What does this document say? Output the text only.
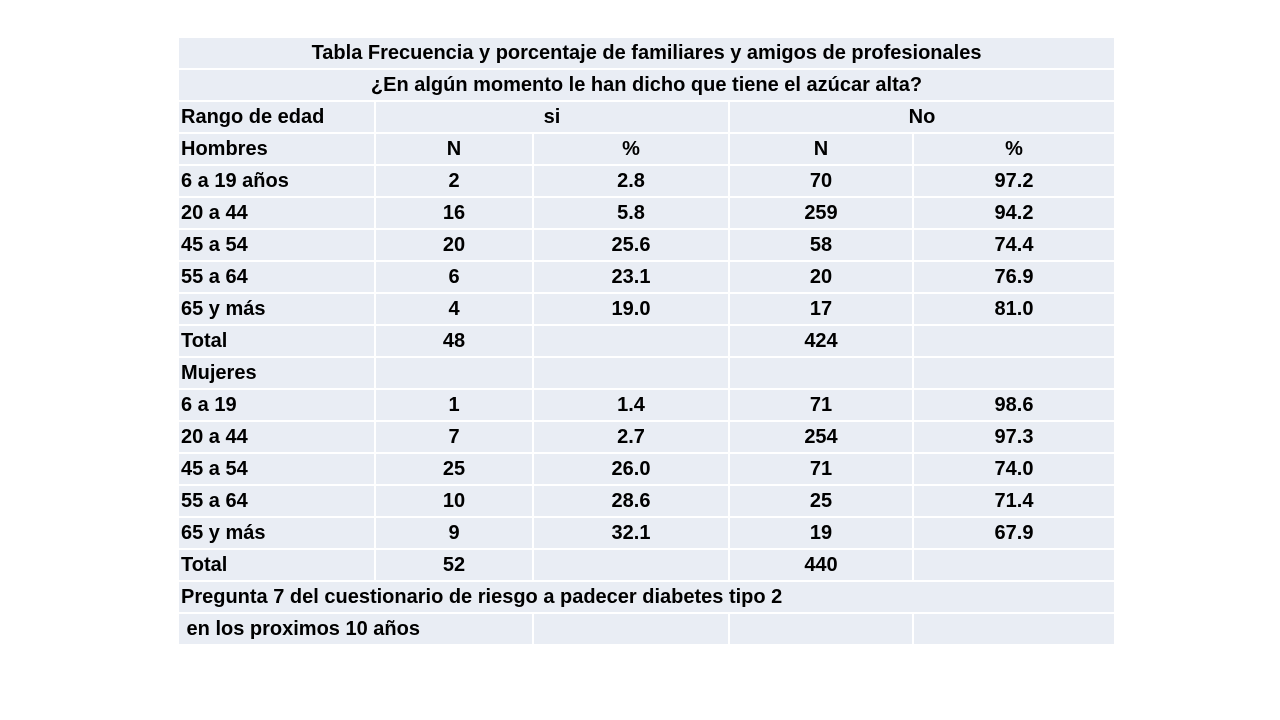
Tabla Frecuencia y porcentaje de familiares y amigos de profesionales				
¿En algún momento le han dicho que tiene el azúcar alta?				
Rango de edad	si		No	
Hombres	N	%	N	%
6 a 19 años	2	2.8	70	97.2
20 a 44	16	5.8	259	94.2
45 a 54	20	25.6	58	74.4
55 a 64	6	23.1	20	76.9
65 y más	4	19.0	17	81.0
Total	48		424	
Mujeres				
6 a 19	1	1.4	71	98.6
20 a 44	7	2.7	254	97.3
45 a 54	25	26.0	71	74.0
55 a 64	10	28.6	25	71.4
65 y más	9	32.1	19	67.9
Total	52		440	
Pregunta 7 del cuestionario de riesgo a padecer diabetes tipo 2				
en los proximos 10 años				
